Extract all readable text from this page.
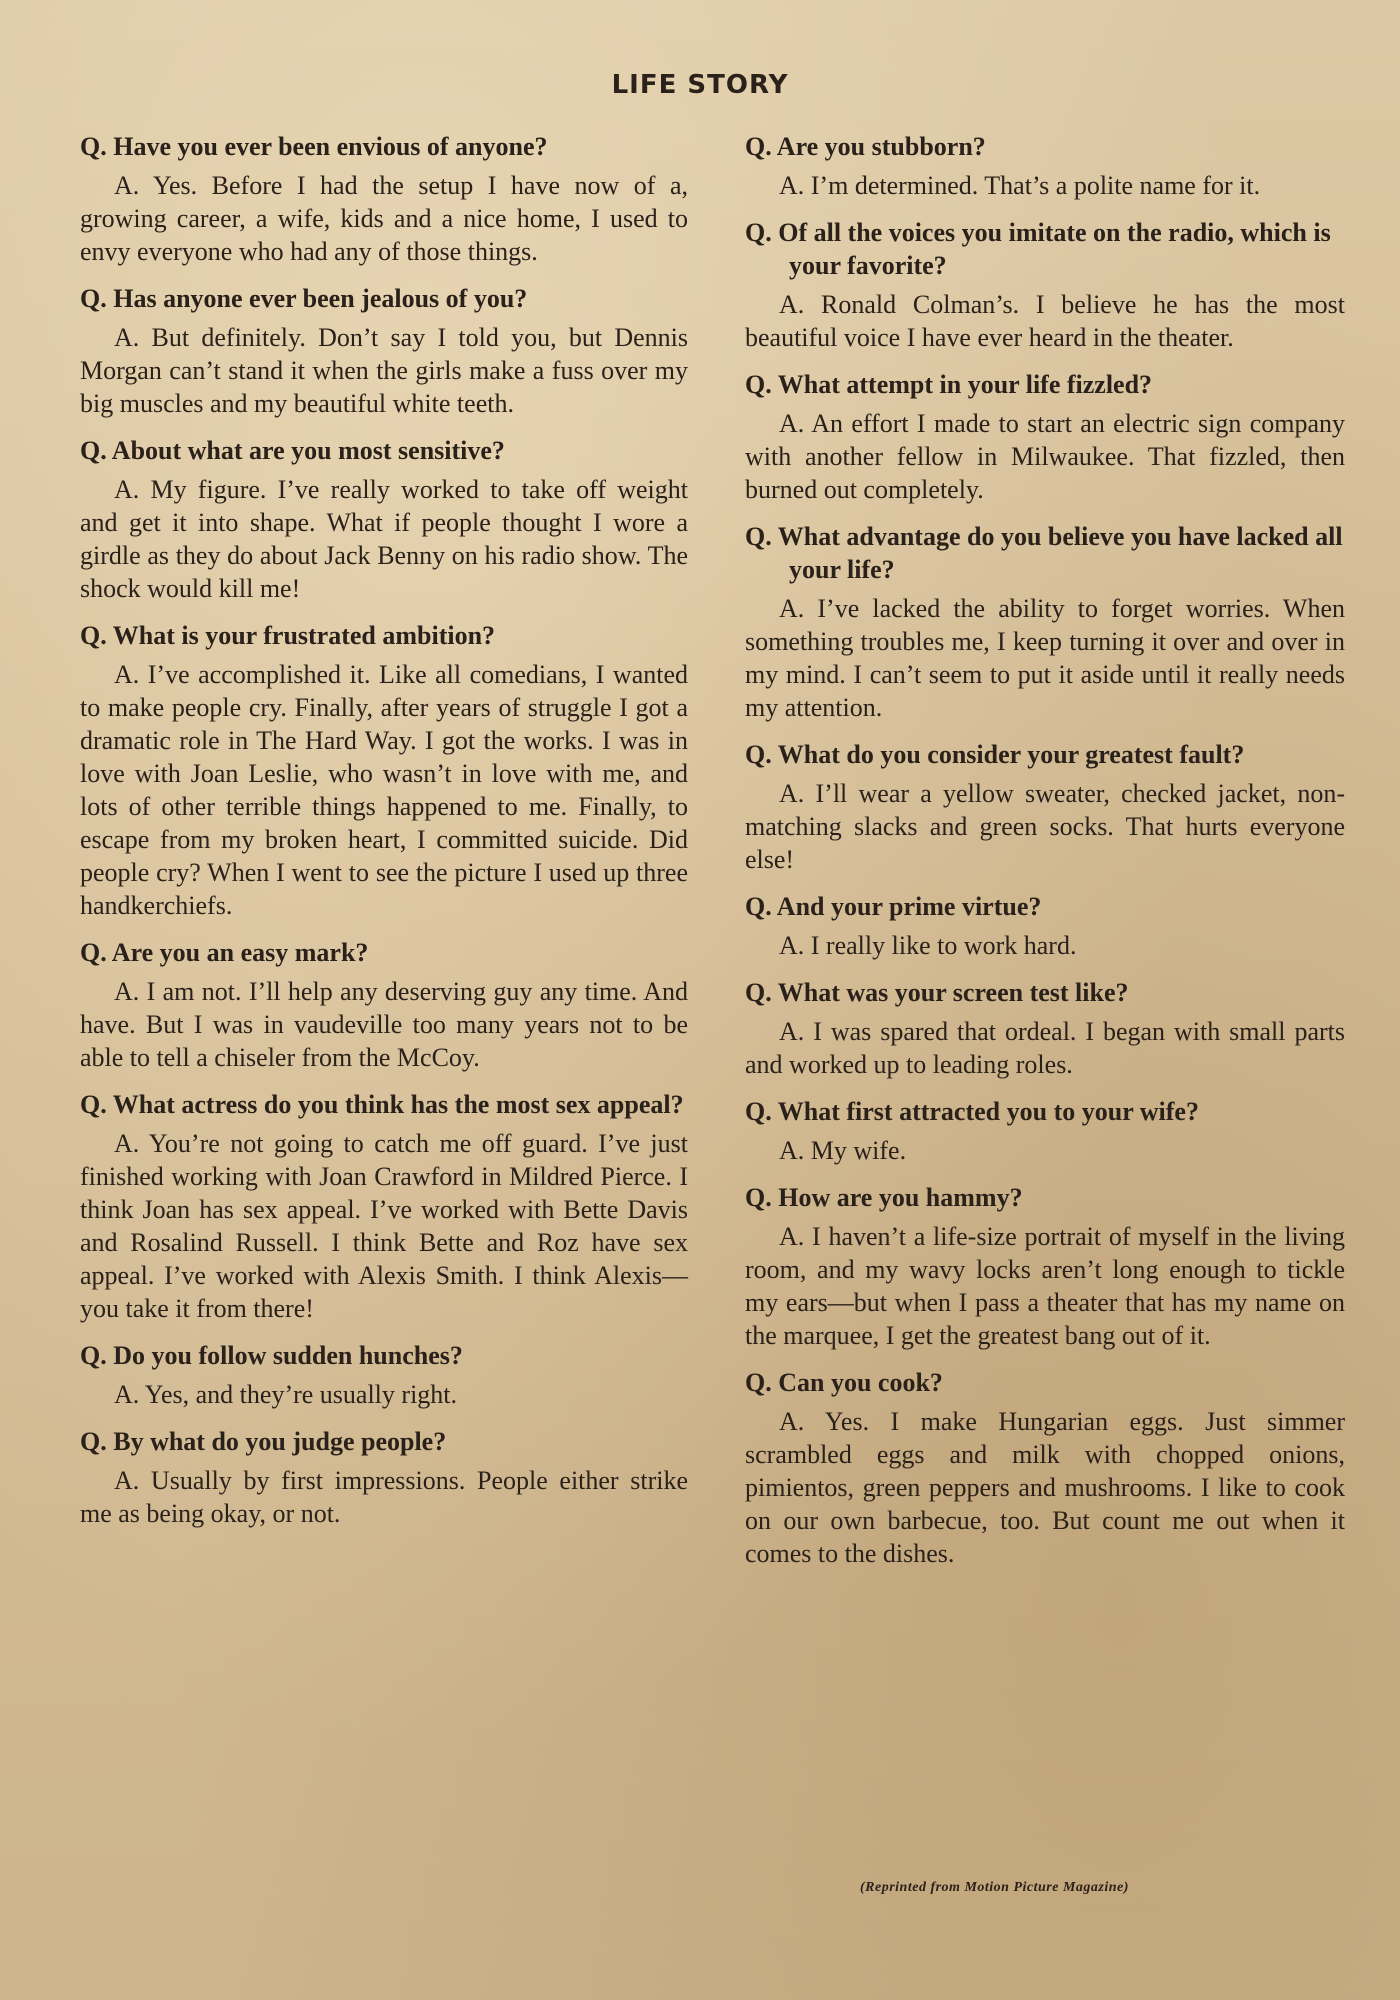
LIFE STORY

Q. Have you ever been envious of anyone?

A. Yes. Before I had the setup I have now of a, growing career, a wife, kids and a nice home, I used to envy everyone who had any of those things.

Q. Has anyone ever been jealous of you?

A. But definitely. Don’t say I told you, but Dennis Morgan can’t stand it when the girls make a fuss over my big muscles and my beautiful white teeth.

Q. About what are you most sensitive?

A. My figure. I’ve really worked to take off weight and get it into shape. What if people thought I wore a girdle as they do about Jack Benny on his radio show. The shock would kill me!

Q. What is your frustrated ambition?

A. I’ve accomplished it. Like all comedians, I wanted to make people cry. Finally, after years of struggle I got a dramatic role in The Hard Way. I got the works. I was in love with Joan Leslie, who wasn’t in love with me, and lots of other terrible things happened to me. Finally, to escape from my broken heart, I committed suicide. Did people cry? When I went to see the picture I used up three handkerchiefs.

Q. Are you an easy mark?

A. I am not. I’ll help any deserving guy any time. And have. But I was in vaudeville too many years not to be able to tell a chiseler from the McCoy.

Q. What actress do you think has the most sex appeal?

A. You’re not going to catch me off guard. I’ve just finished working with Joan Crawford in Mildred Pierce. I think Joan has sex appeal. I’ve worked with Bette Davis and Rosalind Russell. I think Bette and Roz have sex appeal. I’ve worked with Alexis Smith. I think Alexis—you take it from there!

Q. Do you follow sudden hunches?

A. Yes, and they’re usually right.

Q. By what do you judge people?

A. Usually by first impressions. People either strike me as being okay, or not.

Q. Are you stubborn?

A. I’m determined. That’s a polite name for it.

Q. Of all the voices you imitate on the radio, which is your favorite?

A. Ronald Colman’s. I believe he has the most beautiful voice I have ever heard in the theater.

Q. What attempt in your life fizzled?

A. An effort I made to start an electric sign company with another fellow in Milwaukee. That fizzled, then burned out completely.

Q. What advantage do you believe you have lacked all your life?

A. I’ve lacked the ability to forget worries. When something troubles me, I keep turning it over and over in my mind. I can’t seem to put it aside until it really needs my attention.

Q. What do you consider your greatest fault?

A. I’ll wear a yellow sweater, checked jacket, non-matching slacks and green socks. That hurts everyone else!

Q. And your prime virtue?

A. I really like to work hard.

Q. What was your screen test like?

A. I was spared that ordeal. I began with small parts and worked up to leading roles.

Q. What first attracted you to your wife?

A. My wife.

Q. How are you hammy?

A. I haven’t a life-size portrait of myself in the living room, and my wavy locks aren’t long enough to tickle my ears—but when I pass a theater that has my name on the marquee, I get the greatest bang out of it.

Q. Can you cook?

A. Yes. I make Hungarian eggs. Just simmer scrambled eggs and milk with chopped onions, pimientos, green peppers and mushrooms. I like to cook on our own barbecue, too. But count me out when it comes to the dishes.

(Reprinted from Motion Picture Magazine)
